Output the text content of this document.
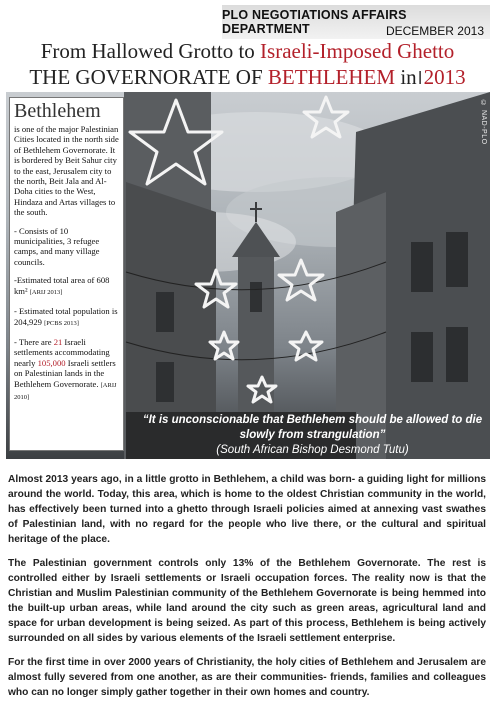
PLO NEGOTIATIONS AFFAIRS DEPARTMENT	DECEMBER 2013
From Hallowed Grotto to Israeli-Imposed Ghetto
THE GOVERNORATE OF BETHLEHEM inI2013
© NAD-PLO
Bethlehem

is one of the major Palestinian Cities located in the north side of Bethlehem Governorate. It is bordered by Beit Sahur city to the east, Jerusalem city to the north, Beit Jala and Al-Doha cities to the West, Hindaza and Artas villages to the south.

- Consists of 10 municipalities, 3 refugee camps, and many village councils.

-Estimated total area of 608 km² [ARIJ 2013]

- Estimated total population is 204,929 [PCBS 2013]

- There are 21 Israeli settlements accommodating nearly 105,000 Israeli settlers on Palestinian lands in the Bethlehem Governorate. [ARIJ 2010]

“It is unconscionable that Bethlehem should be allowed to die slowly from strangulation”
(South African Bishop Desmond Tutu)

Almost 2013 years ago, in a little grotto in Bethlehem, a child was born- a guiding light for millions around the world. Today, this area, which is home to the oldest Christian community in the world, has effectively been turned into a ghetto through Israeli policies aimed at annexing vast swathes of Palestinian land, with no regard for the people who live there, or the cultural and spiritual heritage of the place.

The Palestinian government controls only 13% of the Bethlehem Governorate. The rest is controlled either by Israeli settlements or Israeli occupation forces. The reality now is that the Christian and Muslim Palestinian community of the Bethlehem Governorate is being hemmed into the built-up urban areas, while land around the city such as green areas, agricultural land and space for urban development is being seized. As part of this process, Bethlehem is being actively surrounded on all sides by various elements of the Israeli settlement enterprise.

For the first time in over 2000 years of Christianity, the holy cities of Bethlehem and Jerusalem are almost fully severed from one another, as are their communities- friends, families and colleagues who can no longer simply gather together in their own homes and country.
